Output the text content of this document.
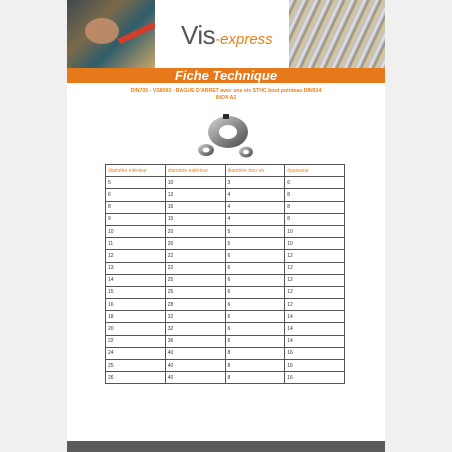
Vis-express
Fiche Technique
DIN705 - VS8093 - BAGUE D'ARRET avec une vis STHC bout pointeau DIN914
INOX A2
diamètre intérieur	diamètre extérieur	diamètre trou vis	épaisseur
5	10	3	6
6	12	4	8
8	16	4	8
9	15	4	8
10	20	5	10
11	20	5	10
12	22	6	12
13	22	6	12
14	25	6	12
15	25	6	12
16	28	6	12
18	32	6	14
20	32	6	14
22	36	6	14
24	40	8	16
25	40	8	16
26	40	8	16
